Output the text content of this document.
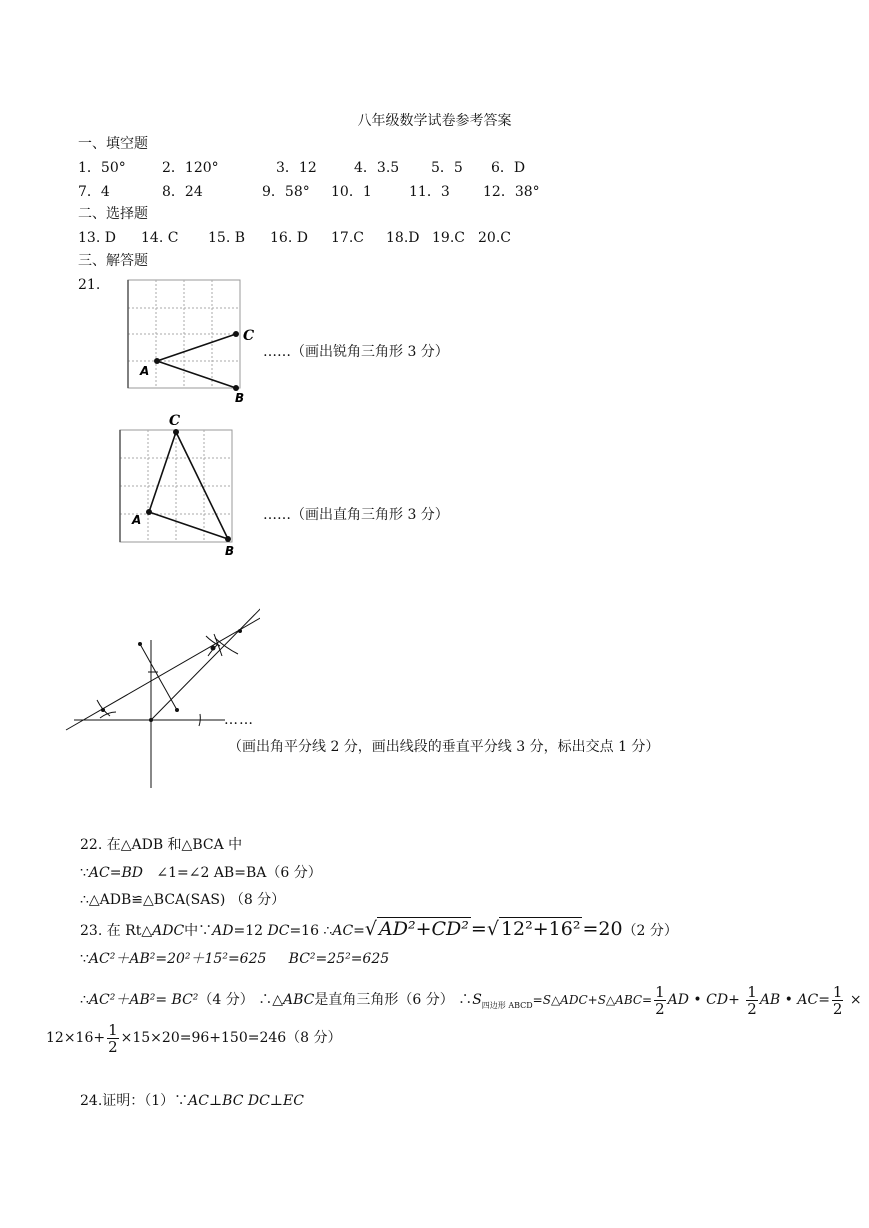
八年级数学试卷参考答案
一、填空题
1．50°	2．120°	3．12	4．3.5 5．5 6．D
7．4	8．24	9．58° 10．1	11．3 12．38°
二、选择题
13. D 14. C 15. B 16. D 17.C 18.D 19.C 20.C
三、解答题
21.
C
A
B
……（画出锐角三角形 3 分）
C
A
B
……（画出直角三角形 3 分）
……
（画出角平分线 2 分，画出线段的垂直平分线 3 分，标出交点 1 分）
22. 在△ADB 和△BCA 中
∵AC=BD ∠1=∠2 AB=BA（6 分）
∴△ADB≌△BCA(SAS) （8 分）
23. 在 Rt△ADC中∵AD=12 DC=16 ∴AC=√ AD²+CD² =√ 12²+16² =20（2 分）
∵AC²＋AB²=20²＋15²=625 BC²=25²=625
∴AC²＋AB²= BC²（4 分） ∴△ABC是直角三角形（6 分） $\therefore S_{四边形 ABCD}=S\triangle ADC+S\triangle ABC= \frac{1}{2}$ AD • $CD+ \frac{1}{2}$ AB • $AC= \frac{1}{2}$ ×
$12\times 16+ \frac{1}{2} \times 15\times 20=96+150=246(8$ 分）
24.证明：（1）∵AC⊥BC DC⊥EC
